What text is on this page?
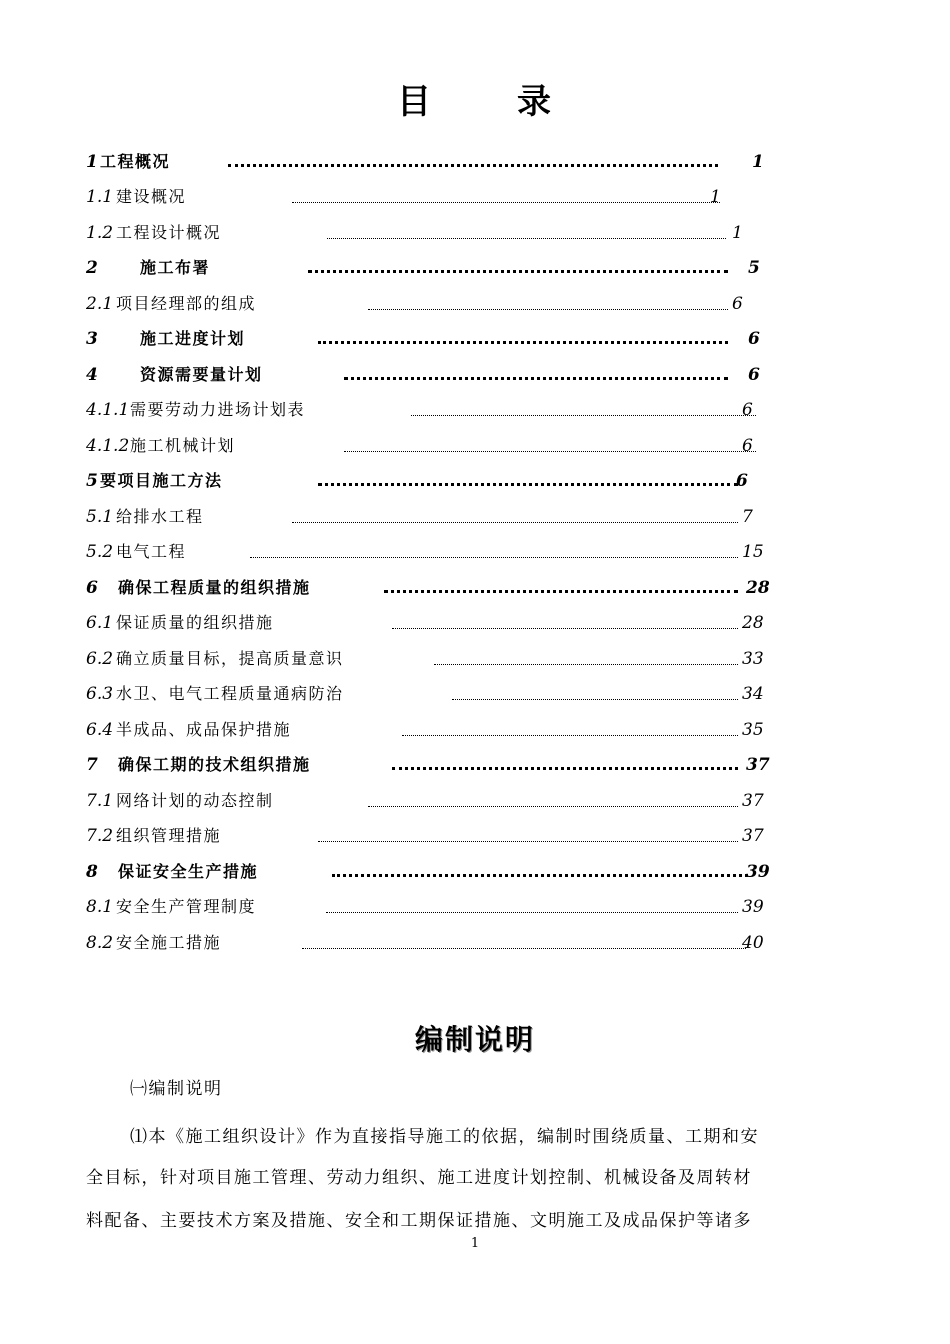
目 录
1 工程概况	1
1.1 建设概况	1
1.2 工程设计概况	1
2	施工布署	5
2.1 项目经理部的组成	6
3	施工进度计划	6
4	资源需要量计划	6
4.1.1 需要劳动力进场计划表	6
4.1.2 施工机械计划	6
5 要项目施工方法	6
5.1 给排水工程	7
5.2 电气工程	15
6 确保工程质量的组织措施	28
6.1 保证质量的组织措施	28
6.2 确立质量目标，提高质量意识	33
6.3 水卫、电气工程质量通病防治	34
6.4 半成品、成品保护措施	35
7 确保工期的技术组织措施	37
7.1 网络计划的动态控制	37
7.2 组织管理措施	37
8 保证安全生产措施	39
8.1 安全生产管理制度	39
8.2 安全施工措施	40
编制说明
㈠编制说明
⑴本《施工组织设计》作为直接指导施工的依据，编制时围绕质量、工期和安
全目标，针对项目施工管理、劳动力组织、施工进度计划控制、机械设备及周转材
料配备、主要技术方案及措施、安全和工期保证措施、文明施工及成品保护等诸多
1
